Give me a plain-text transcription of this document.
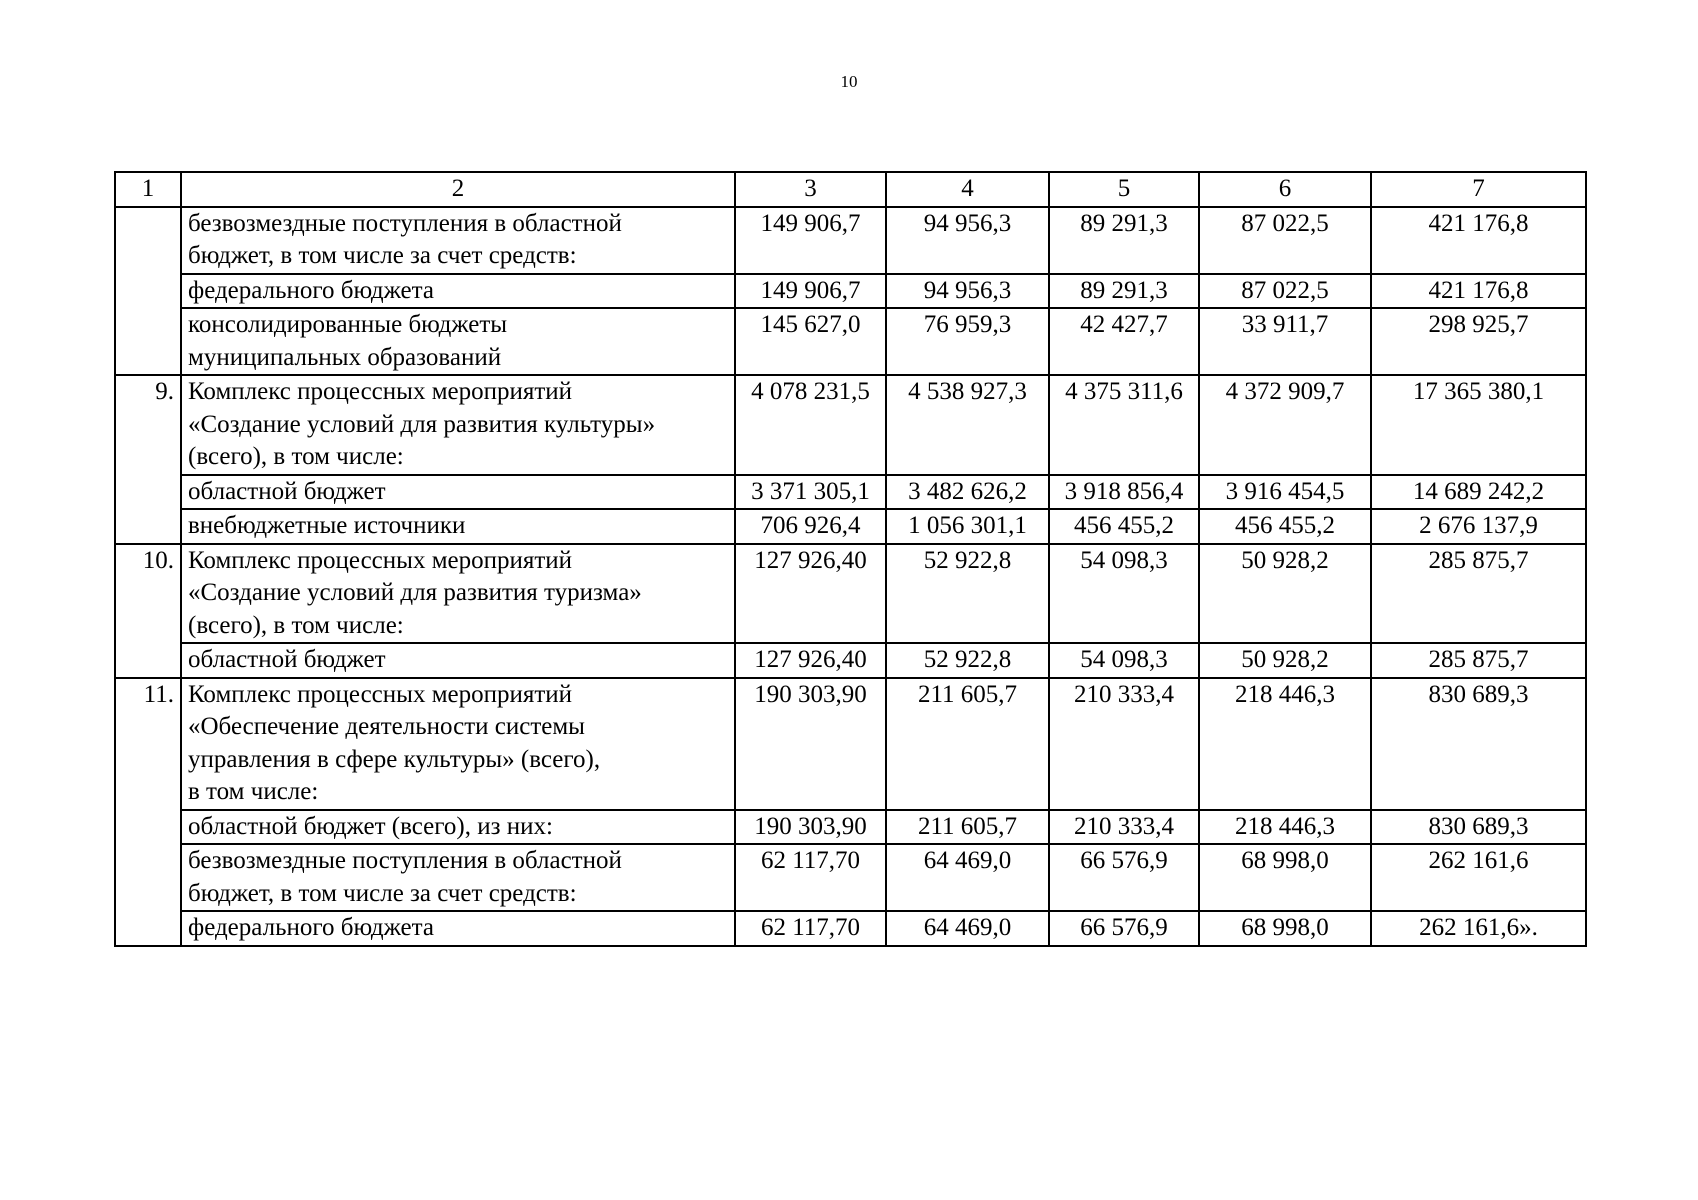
10
1	2	3	4	5	6	7

	безвозмездные поступления в областной
бюджет, в том числе за счет средств:	149 906,7	94 956,3	89 291,3	87 022,5	421 176,8

	федерального бюджета	149 906,7	94 956,3	89 291,3	87 022,5	421 176,8

	консолидированные бюджеты
муниципальных образований	145 627,0	76 959,3	42 427,7	33 911,7	298 925,7
9.	Комплекс процессных мероприятий
«Создание условий для развития культуры»
(всего), в том числе:	4 078 231,5	4 538 927,3	4 375 311,6	4 372 909,7	17 365 380,1

	областной бюджет	3 371 305,1	3 482 626,2	3 918 856,4	3 916 454,5	14 689 242,2

	внебюджетные источники	706 926,4	1 056 301,1	456 455,2	456 455,2	2 676 137,9
10.	Комплекс процессных мероприятий
«Создание условий для развития туризма»
(всего), в том числе:	127 926,40	52 922,8	54 098,3	50 928,2	285 875,7

	областной бюджет	127 926,40	52 922,8	54 098,3	50 928,2	285 875,7
11.	Комплекс процессных мероприятий
«Обеспечение деятельности системы
управления в сфере культуры» (всего),
в том числе:	190 303,90	211 605,7	210 333,4	218 446,3	830 689,3

	областной бюджет (всего), из них:	190 303,90	211 605,7	210 333,4	218 446,3	830 689,3

	безвозмездные поступления в областной
бюджет, в том числе за счет средств:	62 117,70	64 469,0	66 576,9	68 998,0	262 161,6

	федерального бюджета	62 117,70	64 469,0	66 576,9	68 998,0	262 161,6».
